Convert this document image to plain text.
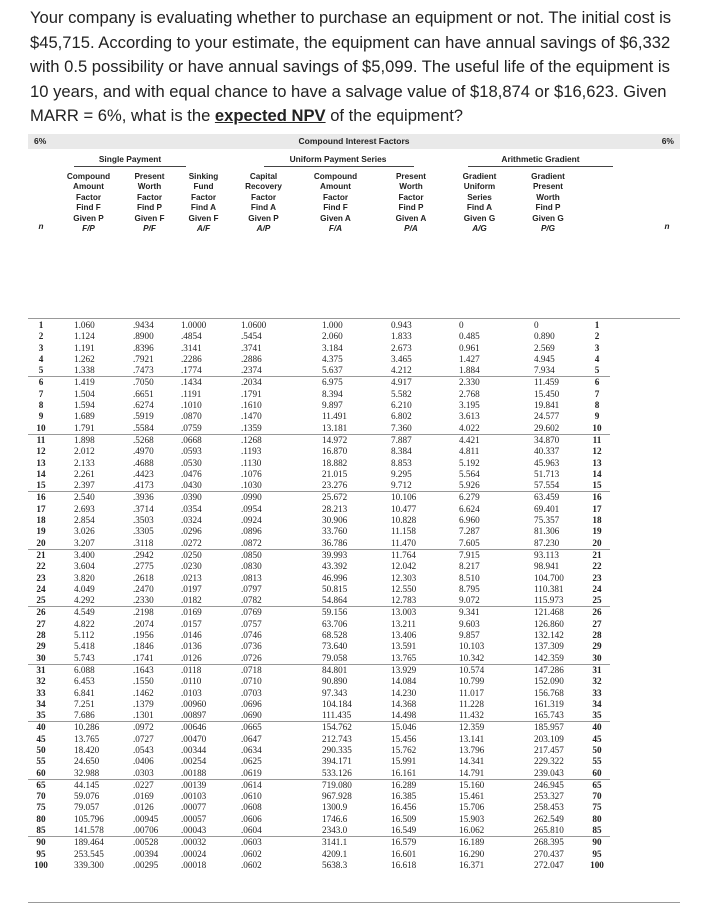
Your company is evaluating whether to purchase an equipment or not. The initial cost is $45,715. According to your estimate, the equipment can have annual savings of $6,332 with 0.5 possibility or have annual savings of $5,099. The useful life of the equipment is 10 years, and with equal chance to have a salvage value of $18,874 or $16,623. Given MARR = 6%, what is the expected NPV of the equipment?
6%	Compound Interest Factors	6%
Single Payment	Uniform Payment Series	Arithmetic Gradient
Compound
Amount
Factor
Find F
Given P
F/P
Present
Worth
Factor
Find P
Given F
P/F
Sinking
Fund
Factor
Find A
Given F
A/F
Capital
Recovery
Factor
Find A
Given P
A/P
Compound
Amount
Factor
Find F
Given A
F/A
Present
Worth
Factor
Find P
Given A
P/A
Gradient
Uniform
Series
Find A
Given G
A/G
Gradient
Present
Worth
Find P
Given G
P/G
n	n
1	1.060	.9434	1.0000	1.0600	1.000	0.943	0	0	1
2	1.124	.8900	.4854	.5454	2.060	1.833	0.485	0.890	2
3	1.191	.8396	.3141	.3741	3.184	2.673	0.961	2.569	3
4	1.262	.7921	.2286	.2886	4.375	3.465	1.427	4.945	4
5	1.338	.7473	.1774	.2374	5.637	4.212	1.884	7.934	5
6	1.419	.7050	.1434	.2034	6.975	4.917	2.330	11.459	6
7	1.504	.6651	.1191	.1791	8.394	5.582	2.768	15.450	7
8	1.594	.6274	.1010	.1610	9.897	6.210	3.195	19.841	8
9	1.689	.5919	.0870	.1470	11.491	6.802	3.613	24.577	9
10	1.791	.5584	.0759	.1359	13.181	7.360	4.022	29.602	10
11	1.898	.5268	.0668	.1268	14.972	7.887	4.421	34.870	11
12	2.012	.4970	.0593	.1193	16.870	8.384	4.811	40.337	12
13	2.133	.4688	.0530	.1130	18.882	8.853	5.192	45.963	13
14	2.261	.4423	.0476	.1076	21.015	9.295	5.564	51.713	14
15	2.397	.4173	.0430	.1030	23.276	9.712	5.926	57.554	15
16	2.540	.3936	.0390	.0990	25.672	10.106	6.279	63.459	16
17	2.693	.3714	.0354	.0954	28.213	10.477	6.624	69.401	17
18	2.854	.3503	.0324	.0924	30.906	10.828	6.960	75.357	18
19	3.026	.3305	.0296	.0896	33.760	11.158	7.287	81.306	19
20	3.207	.3118	.0272	.0872	36.786	11.470	7.605	87.230	20
21	3.400	.2942	.0250	.0850	39.993	11.764	7.915	93.113	21
22	3.604	.2775	.0230	.0830	43.392	12.042	8.217	98.941	22
23	3.820	.2618	.0213	.0813	46.996	12.303	8.510	104.700	23
24	4.049	.2470	.0197	.0797	50.815	12.550	8.795	110.381	24
25	4.292	.2330	.0182	.0782	54.864	12.783	9.072	115.973	25
26	4.549	.2198	.0169	.0769	59.156	13.003	9.341	121.468	26
27	4.822	.2074	.0157	.0757	63.706	13.211	9.603	126.860	27
28	5.112	.1956	.0146	.0746	68.528	13.406	9.857	132.142	28
29	5.418	.1846	.0136	.0736	73.640	13.591	10.103	137.309	29
30	5.743	.1741	.0126	.0726	79.058	13.765	10.342	142.359	30
31	6.088	.1643	.0118	.0718	84.801	13.929	10.574	147.286	31
32	6.453	.1550	.0110	.0710	90.890	14.084	10.799	152.090	32
33	6.841	.1462	.0103	.0703	97.343	14.230	11.017	156.768	33
34	7.251	.1379	.00960	.0696	104.184	14.368	11.228	161.319	34
35	7.686	.1301	.00897	.0690	111.435	14.498	11.432	165.743	35
40	10.286	.0972	.00646	.0665	154.762	15.046	12.359	185.957	40
45	13.765	.0727	.00470	.0647	212.743	15.456	13.141	203.109	45
50	18.420	.0543	.00344	.0634	290.335	15.762	13.796	217.457	50
55	24.650	.0406	.00254	.0625	394.171	15.991	14.341	229.322	55
60	32.988	.0303	.00188	.0619	533.126	16.161	14.791	239.043	60
65	44.145	.0227	.00139	.0614	719.080	16.289	15.160	246.945	65
70	59.076	.0169	.00103	.0610	967.928	16.385	15.461	253.327	70
75	79.057	.0126	.00077	.0608	1300.9	16.456	15.706	258.453	75
80	105.796	.00945	.00057	.0606	1746.6	16.509	15.903	262.549	80
85	141.578	.00706	.00043	.0604	2343.0	16.549	16.062	265.810	85
90	189.464	.00528	.00032	.0603	3141.1	16.579	16.189	268.395	90
95	253.545	.00394	.00024	.0602	4209.1	16.601	16.290	270.437	95
100	339.300	.00295	.00018	.0602	5638.3	16.618	16.371	272.047	100
